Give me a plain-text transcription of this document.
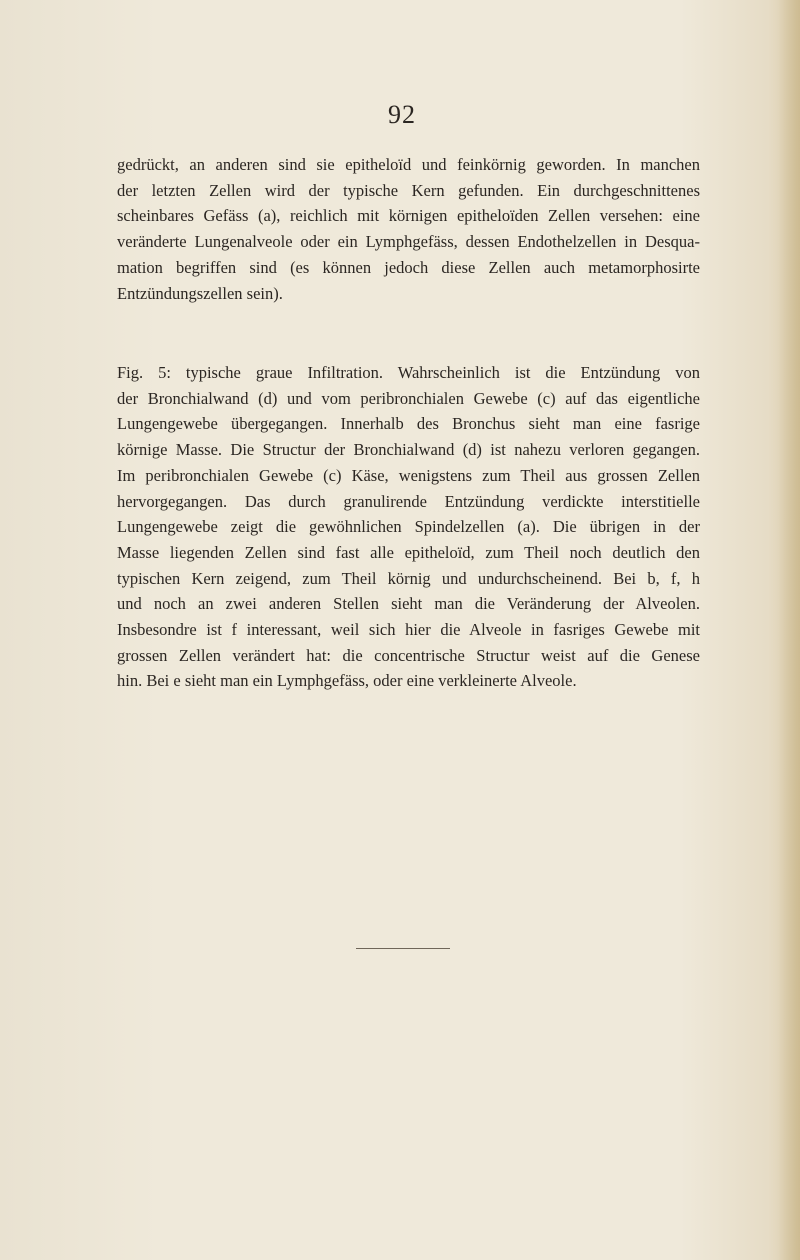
92
gedrückt, an anderen sind sie epitheloïd und feinkörnig geworden. In manchen
der letzten Zellen wird der typische Kern gefunden. Ein durchgeschnittenes
scheinbares Gefäss (a), reichlich mit körnigen epitheloïden Zellen versehen: eine
veränderte Lungenalveole oder ein Lymphgefäss, dessen Endothelzellen in Desqua-
mation begriffen sind (es können jedoch diese Zellen auch metamorphosirte
Entzündungszellen sein).
Fig. 5: typische graue Infiltration. Wahrscheinlich ist die Entzündung von
der Bronchialwand (d) und vom peribronchialen Gewebe (c) auf das eigentliche
Lungengewebe übergegangen. Innerhalb des Bronchus sieht man eine fasrige
körnige Masse. Die Structur der Bronchialwand (d) ist nahezu verloren gegangen.
Im peribronchialen Gewebe (c) Käse, wenigstens zum Theil aus grossen Zellen
hervorgegangen. Das durch granulirende Entzündung verdickte interstitielle
Lungengewebe zeigt die gewöhnlichen Spindelzellen (a). Die übrigen in der
Masse liegenden Zellen sind fast alle epitheloïd, zum Theil noch deutlich den
typischen Kern zeigend, zum Theil körnig und undurchscheinend. Bei b, f, h
und noch an zwei anderen Stellen sieht man die Veränderung der Alveolen.
Insbesondre ist f interessant, weil sich hier die Alveole in fasriges Gewebe mit
grossen Zellen verändert hat: die concentrische Structur weist auf die Genese
hin. Bei e sieht man ein Lymphgefäss, oder eine verkleinerte Alveole.
